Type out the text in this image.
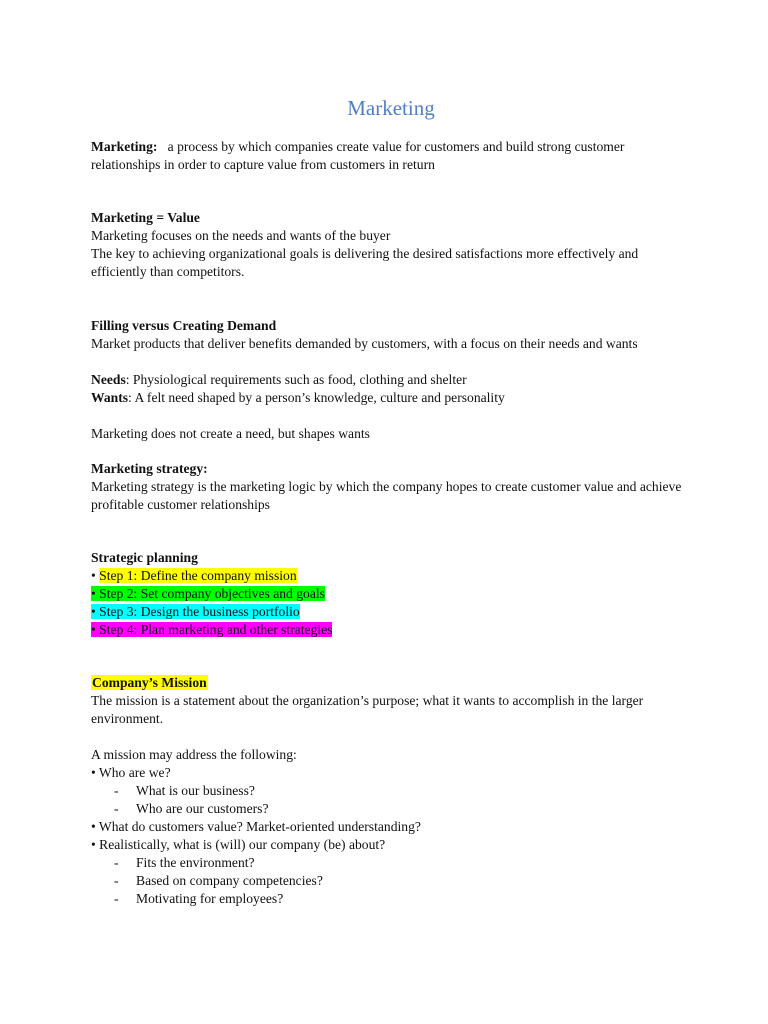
Marketing

Marketing: a process by which companies create value for customers and build strong customer relationships in order to capture value from customers in return

Marketing = Value

Marketing focuses on the needs and wants of the buyer

The key to achieving organizational goals is delivering the desired satisfactions more effectively and efficiently than competitors.

Filling versus Creating Demand

Market products that deliver benefits demanded by customers, with a focus on their needs and wants

Needs: Physiological requirements such as food, clothing and shelter

Wants: A felt need shaped by a person’s knowledge, culture and personality

Marketing does not create a need, but shapes wants

Marketing strategy:

Marketing strategy is the marketing logic by which the company hopes to create customer value and achieve profitable customer relationships

Strategic planning

• Step 1: Define the company mission

• Step 2: Set company objectives and goals

• Step 3: Design the business portfolio

• Step 4: Plan marketing and other strategies

Company’s Mission

The mission is a statement about the organization’s purpose; what it wants to accomplish in the larger environment.

A mission may address the following:

• Who are we?

- What is our business?
- Who are our customers?

• What do customers value? Market-oriented understanding?

• Realistically, what is (will) our company (be) about?

- Fits the environment?
- Based on company competencies?
- Motivating for employees?
